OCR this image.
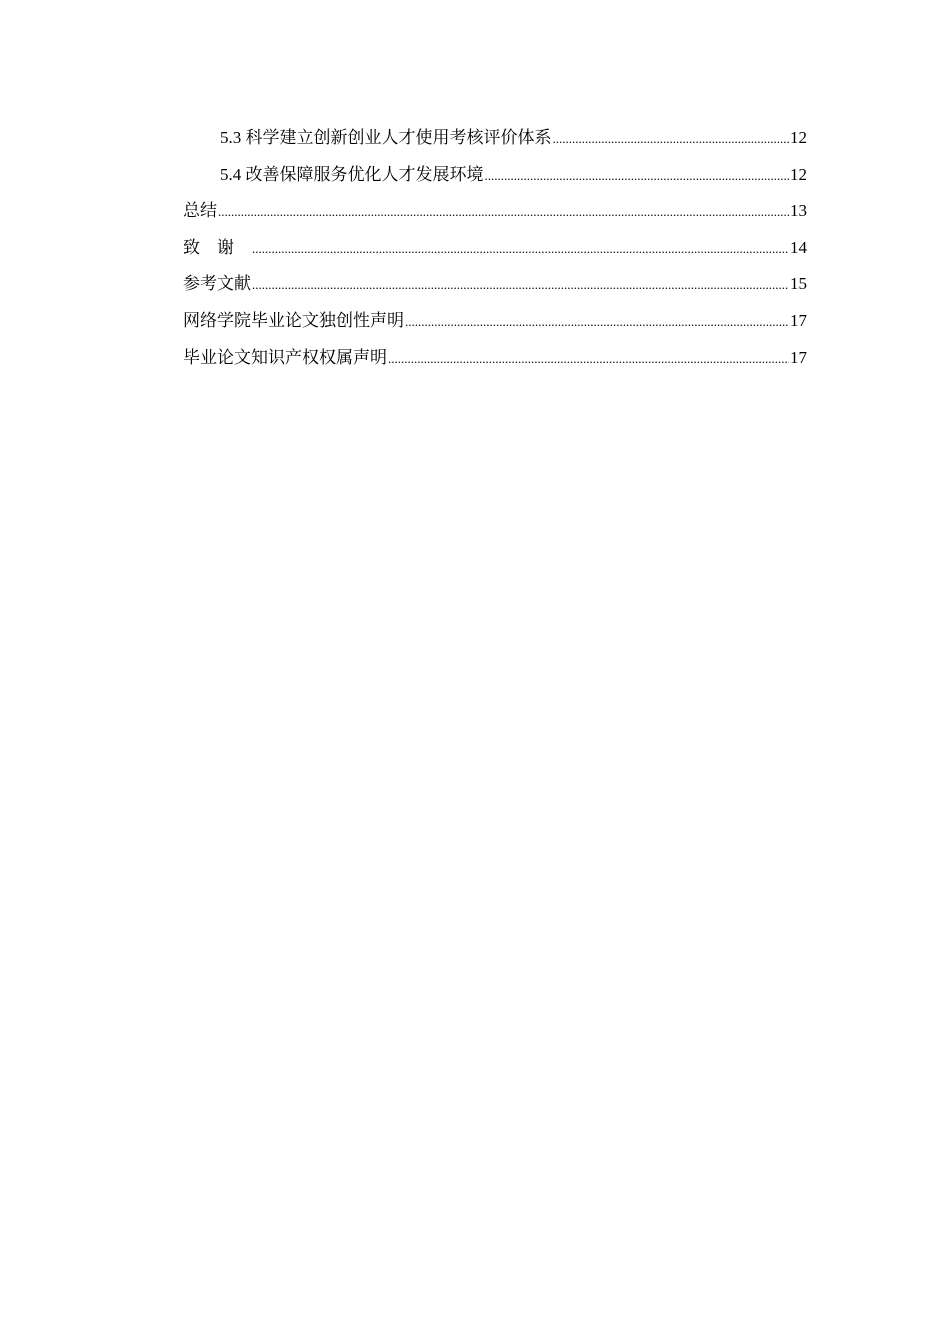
5.3 科学建立创新创业人才使用考核评价体系 .....	12
5.4 改善保障服务优化人才发展环境 .....	12
总结 .....	13
致谢 .....	14
参考文献 .....	15
网络学院毕业论文独创性声明 .....	17
毕业论文知识产权权属声明 .....	17
